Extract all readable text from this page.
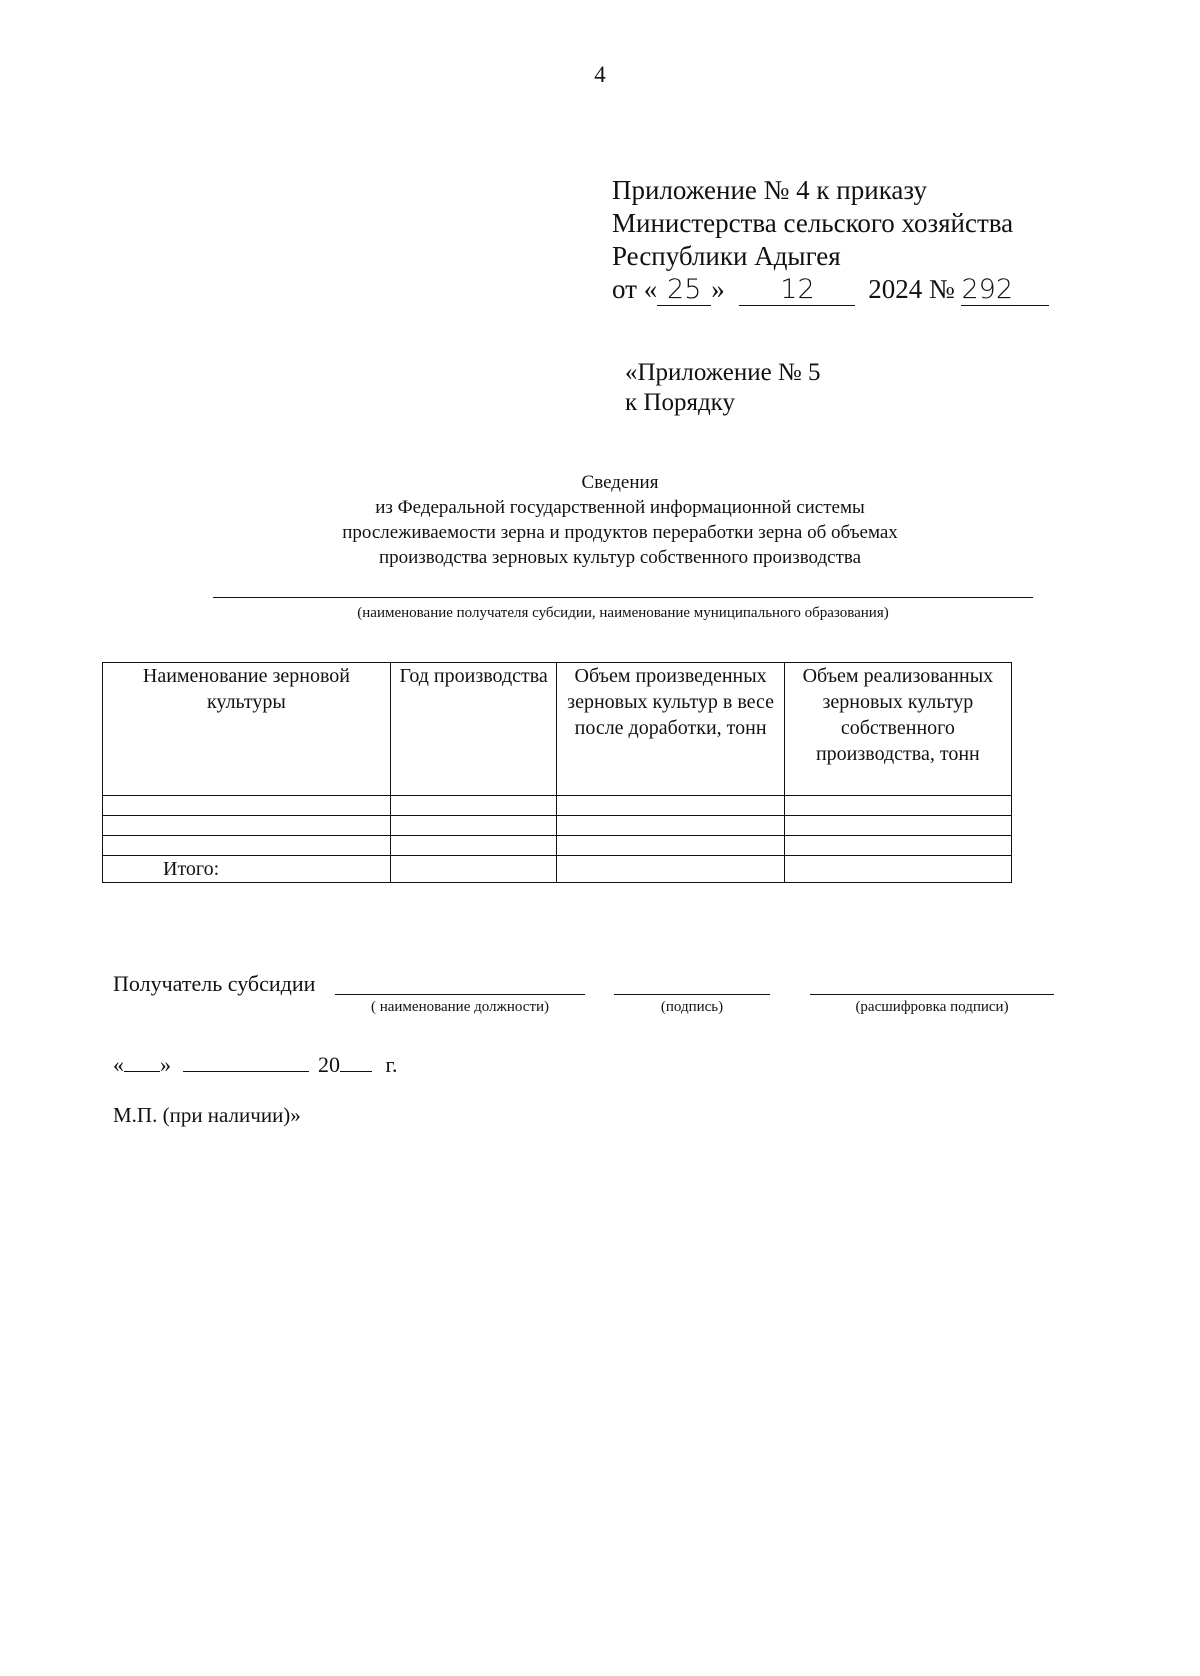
4
Приложение № 4 к приказу
Министерства сельского хозяйства
Республики Адыгея
от « 25 » 12 2024 № 292
«Приложение № 5
к Порядку
Сведения
из Федеральной государственной информационной системы
прослеживаемости зерна и продуктов переработки зерна об объемах
производства зерновых культур собственного производства
(наименование получателя субсидии, наименование муниципального образования)
Наименование зерновой культуры	Год производства	Объем произведенных зерновых культур в весе после доработки, тонн	Объем реализованных зерновых культур собственного производства, тонн

Итого:			
Получатель субсидии
( наименование должности)	(подпись)	(расшифровка подписи)
« »	20 г.
М.П. (при наличии)»
